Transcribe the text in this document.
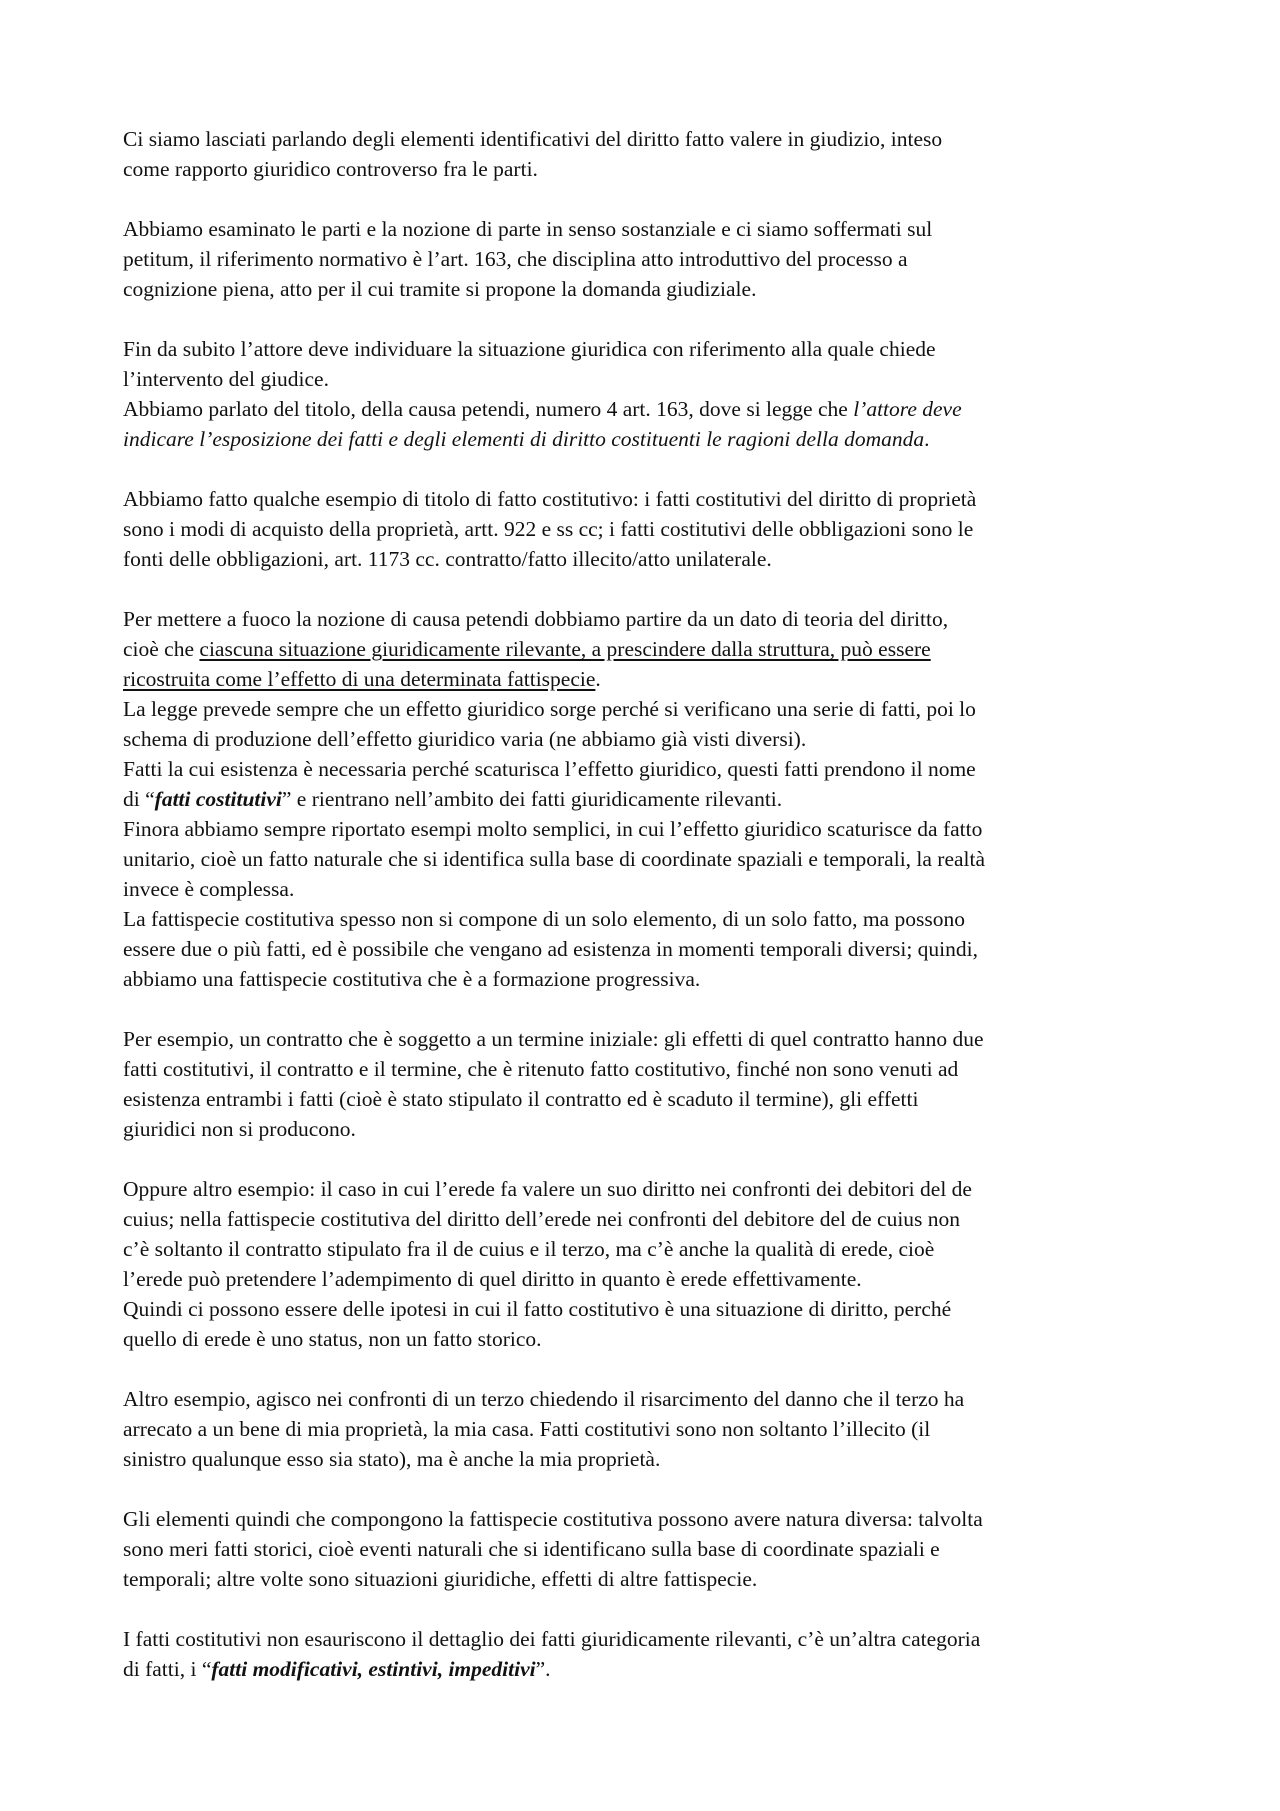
Ci siamo lasciati parlando degli elementi identificativi del diritto fatto valere in giudizio, inteso
come rapporto giuridico controverso fra le parti.

Abbiamo esaminato le parti e la nozione di parte in senso sostanziale e ci siamo soffermati sul
petitum, il riferimento normativo è l’art. 163, che disciplina atto introduttivo del processo a
cognizione piena, atto per il cui tramite si propone la domanda giudiziale.

Fin da subito l’attore deve individuare la situazione giuridica con riferimento alla quale chiede
l’intervento del giudice.

Abbiamo parlato del titolo, della causa petendi, numero 4 art. 163, dove si legge che l’attore deve
indicare l’esposizione dei fatti e degli elementi di diritto costituenti le ragioni della domanda.

Abbiamo fatto qualche esempio di titolo di fatto costitutivo: i fatti costitutivi del diritto di proprietà
sono i modi di acquisto della proprietà, artt. 922 e ss cc; i fatti costitutivi delle obbligazioni sono le
fonti delle obbligazioni, art. 1173 cc. contratto/fatto illecito/atto unilaterale.

Per mettere a fuoco la nozione di causa petendi dobbiamo partire da un dato di teoria del diritto,
cioè che ciascuna situazione giuridicamente rilevante, a prescindere dalla struttura, può essere
ricostruita come l’effetto di una determinata fattispecie.

La legge prevede sempre che un effetto giuridico sorge perché si verificano una serie di fatti, poi lo
schema di produzione dell’effetto giuridico varia (ne abbiamo già visti diversi).

Fatti la cui esistenza è necessaria perché scaturisca l’effetto giuridico, questi fatti prendono il nome
di “fatti costitutivi” e rientrano nell’ambito dei fatti giuridicamente rilevanti.

Finora abbiamo sempre riportato esempi molto semplici, in cui l’effetto giuridico scaturisce da fatto
unitario, cioè un fatto naturale che si identifica sulla base di coordinate spaziali e temporali, la realtà
invece è complessa.

La fattispecie costitutiva spesso non si compone di un solo elemento, di un solo fatto, ma possono
essere due o più fatti, ed è possibile che vengano ad esistenza in momenti temporali diversi; quindi,
abbiamo una fattispecie costitutiva che è a formazione progressiva.

Per esempio, un contratto che è soggetto a un termine iniziale: gli effetti di quel contratto hanno due
fatti costitutivi, il contratto e il termine, che è ritenuto fatto costitutivo, finché non sono venuti ad
esistenza entrambi i fatti (cioè è stato stipulato il contratto ed è scaduto il termine), gli effetti
giuridici non si producono.

Oppure altro esempio: il caso in cui l’erede fa valere un suo diritto nei confronti dei debitori del de
cuius; nella fattispecie costitutiva del diritto dell’erede nei confronti del debitore del de cuius non
c’è soltanto il contratto stipulato fra il de cuius e il terzo, ma c’è anche la qualità di erede, cioè
l’erede può pretendere l’adempimento di quel diritto in quanto è erede effettivamente.

Quindi ci possono essere delle ipotesi in cui il fatto costitutivo è una situazione di diritto, perché
quello di erede è uno status, non un fatto storico.

Altro esempio, agisco nei confronti di un terzo chiedendo il risarcimento del danno che il terzo ha
arrecato a un bene di mia proprietà, la mia casa. Fatti costitutivi sono non soltanto l’illecito (il
sinistro qualunque esso sia stato), ma è anche la mia proprietà.

Gli elementi quindi che compongono la fattispecie costitutiva possono avere natura diversa: talvolta
sono meri fatti storici, cioè eventi naturali che si identificano sulla base di coordinate spaziali e
temporali; altre volte sono situazioni giuridiche, effetti di altre fattispecie.

I fatti costitutivi non esauriscono il dettaglio dei fatti giuridicamente rilevanti, c’è un’altra categoria
di fatti, i “fatti modificativi, estintivi, impeditivi”.
